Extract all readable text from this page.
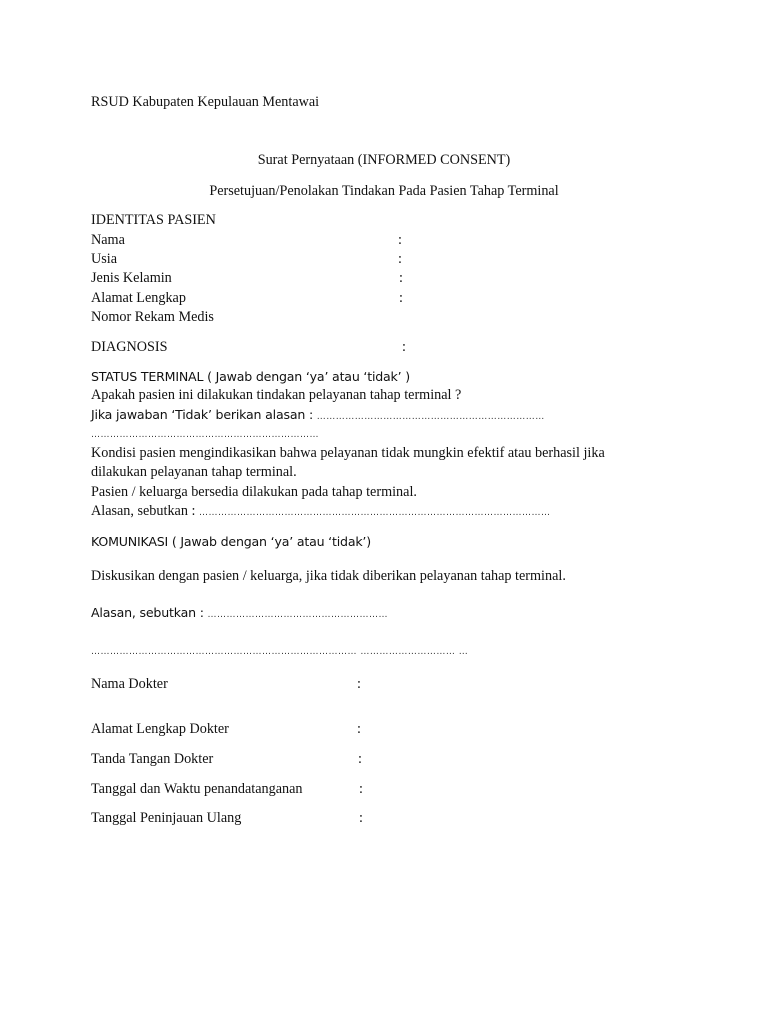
RSUD Kabupaten Kepulauan Mentawai
Surat Pernyataan (INFORMED CONSENT)
Persetujuan/Penolakan Tindakan Pada Pasien Tahap Terminal
IDENTITAS PASIEN
Nama	:
Usia	:
Jenis Kelamin	:
Alamat Lengkap	:
Nomor Rekam Medis
DIAGNOSIS	:
STATUS TERMINAL ( Jawab dengan ‘ya’ atau ‘tidak’ )
Apakah pasien ini dilakukan tindakan pelayanan tahap terminal ?
Jika jawaban ‘Tidak’ berikan alasan : ………………………………………………………………
………………………………………………………………
Kondisi pasien mengindikasikan bahwa pelayanan tidak mungkin efektif atau berhasil jika
dilakukan pelayanan tahap terminal.
Pasien / keluarga bersedia dilakukan pada tahap terminal.
Alasan, sebutkan : …………………………………………………………………………………………………
KOMUNIKASI ( Jawab dengan ‘ya’ atau ‘tidak’)
Diskusikan dengan pasien / keluarga, jika tidak diberikan pelayanan tahap terminal.
Alasan, sebutkan : …………………………………………………
………………………………………………………………………… ………………………… …
Nama Dokter	:
Alamat Lengkap Dokter	:
Tanda Tangan Dokter	:
Tanggal dan Waktu penandatanganan	:
Tanggal Peninjauan Ulang	:
